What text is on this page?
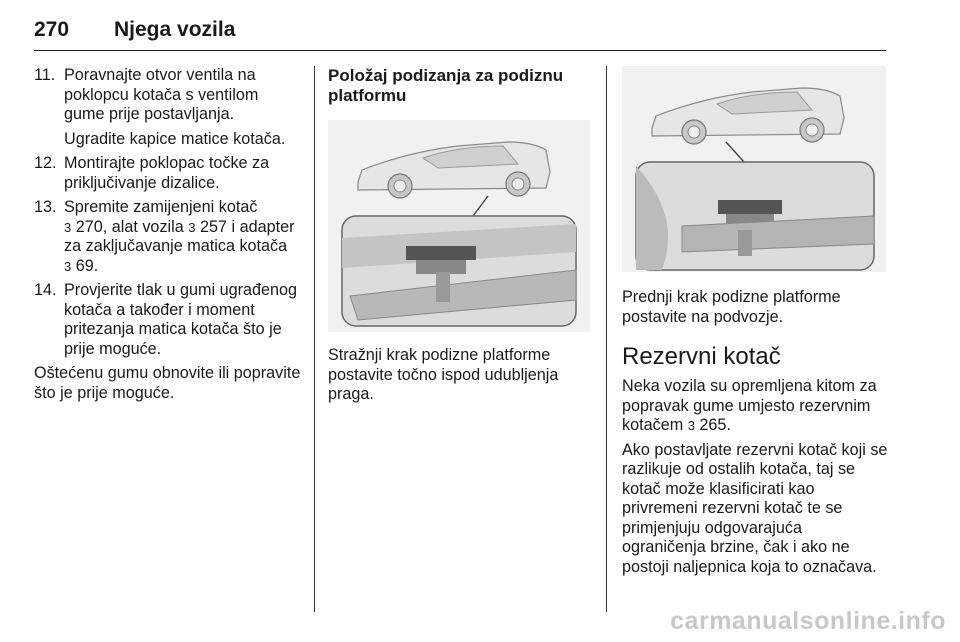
270 Njega vozila
11. Poravnajte otvor ventila na poklopcu kotača s ventilom gume prije postavljanja.
Ugradite kapice matice kotača.
12. Montirajte poklopac točke za priključivanje dizalice.
13. Spremite zamijenjeni kotač
3 270, alat vozila 3 257 i adapter za zaključavanje matica kotača
3 69.
14. Provjerite tlak u gumi ugrađenog kotača a također i moment pritezanja matica kotača što je prije moguće.
Oštećenu gumu obnovite ili popravite što je prije moguće.
Položaj podizanja za podiznu platformu
Stražnji krak podizne platforme postavite točno ispod udubljenja praga.
Prednji krak podizne platforme postavite na podvozje.
Rezervni kotač
Neka vozila su opremljena kitom za popravak gume umjesto rezervnim kotačem 3 265.
Ako postavljate rezervni kotač koji se razlikuje od ostalih kotača, taj se kotač može klasificirati kao privremeni rezervni kotač te se primjenjuju odgovarajuća ograničenja brzine, čak i ako ne postoji naljepnica koja to označava.
carmanualsonline.info
